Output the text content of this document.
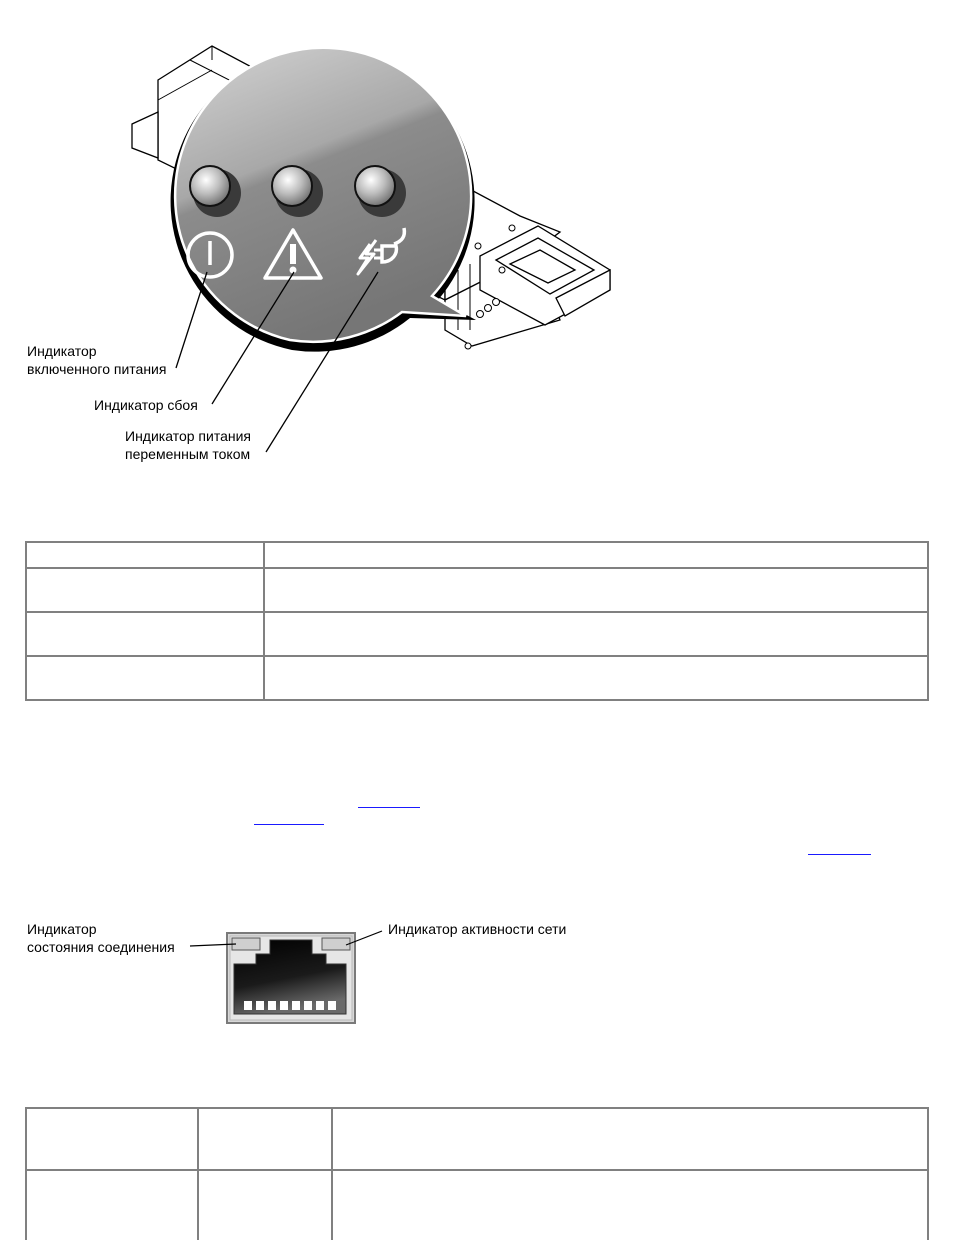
Индикатор
включенного питания
Индикатор сбоя
Индикатор питания
переменным током

Индикатор
состояния соединения
Индикатор активности сети
